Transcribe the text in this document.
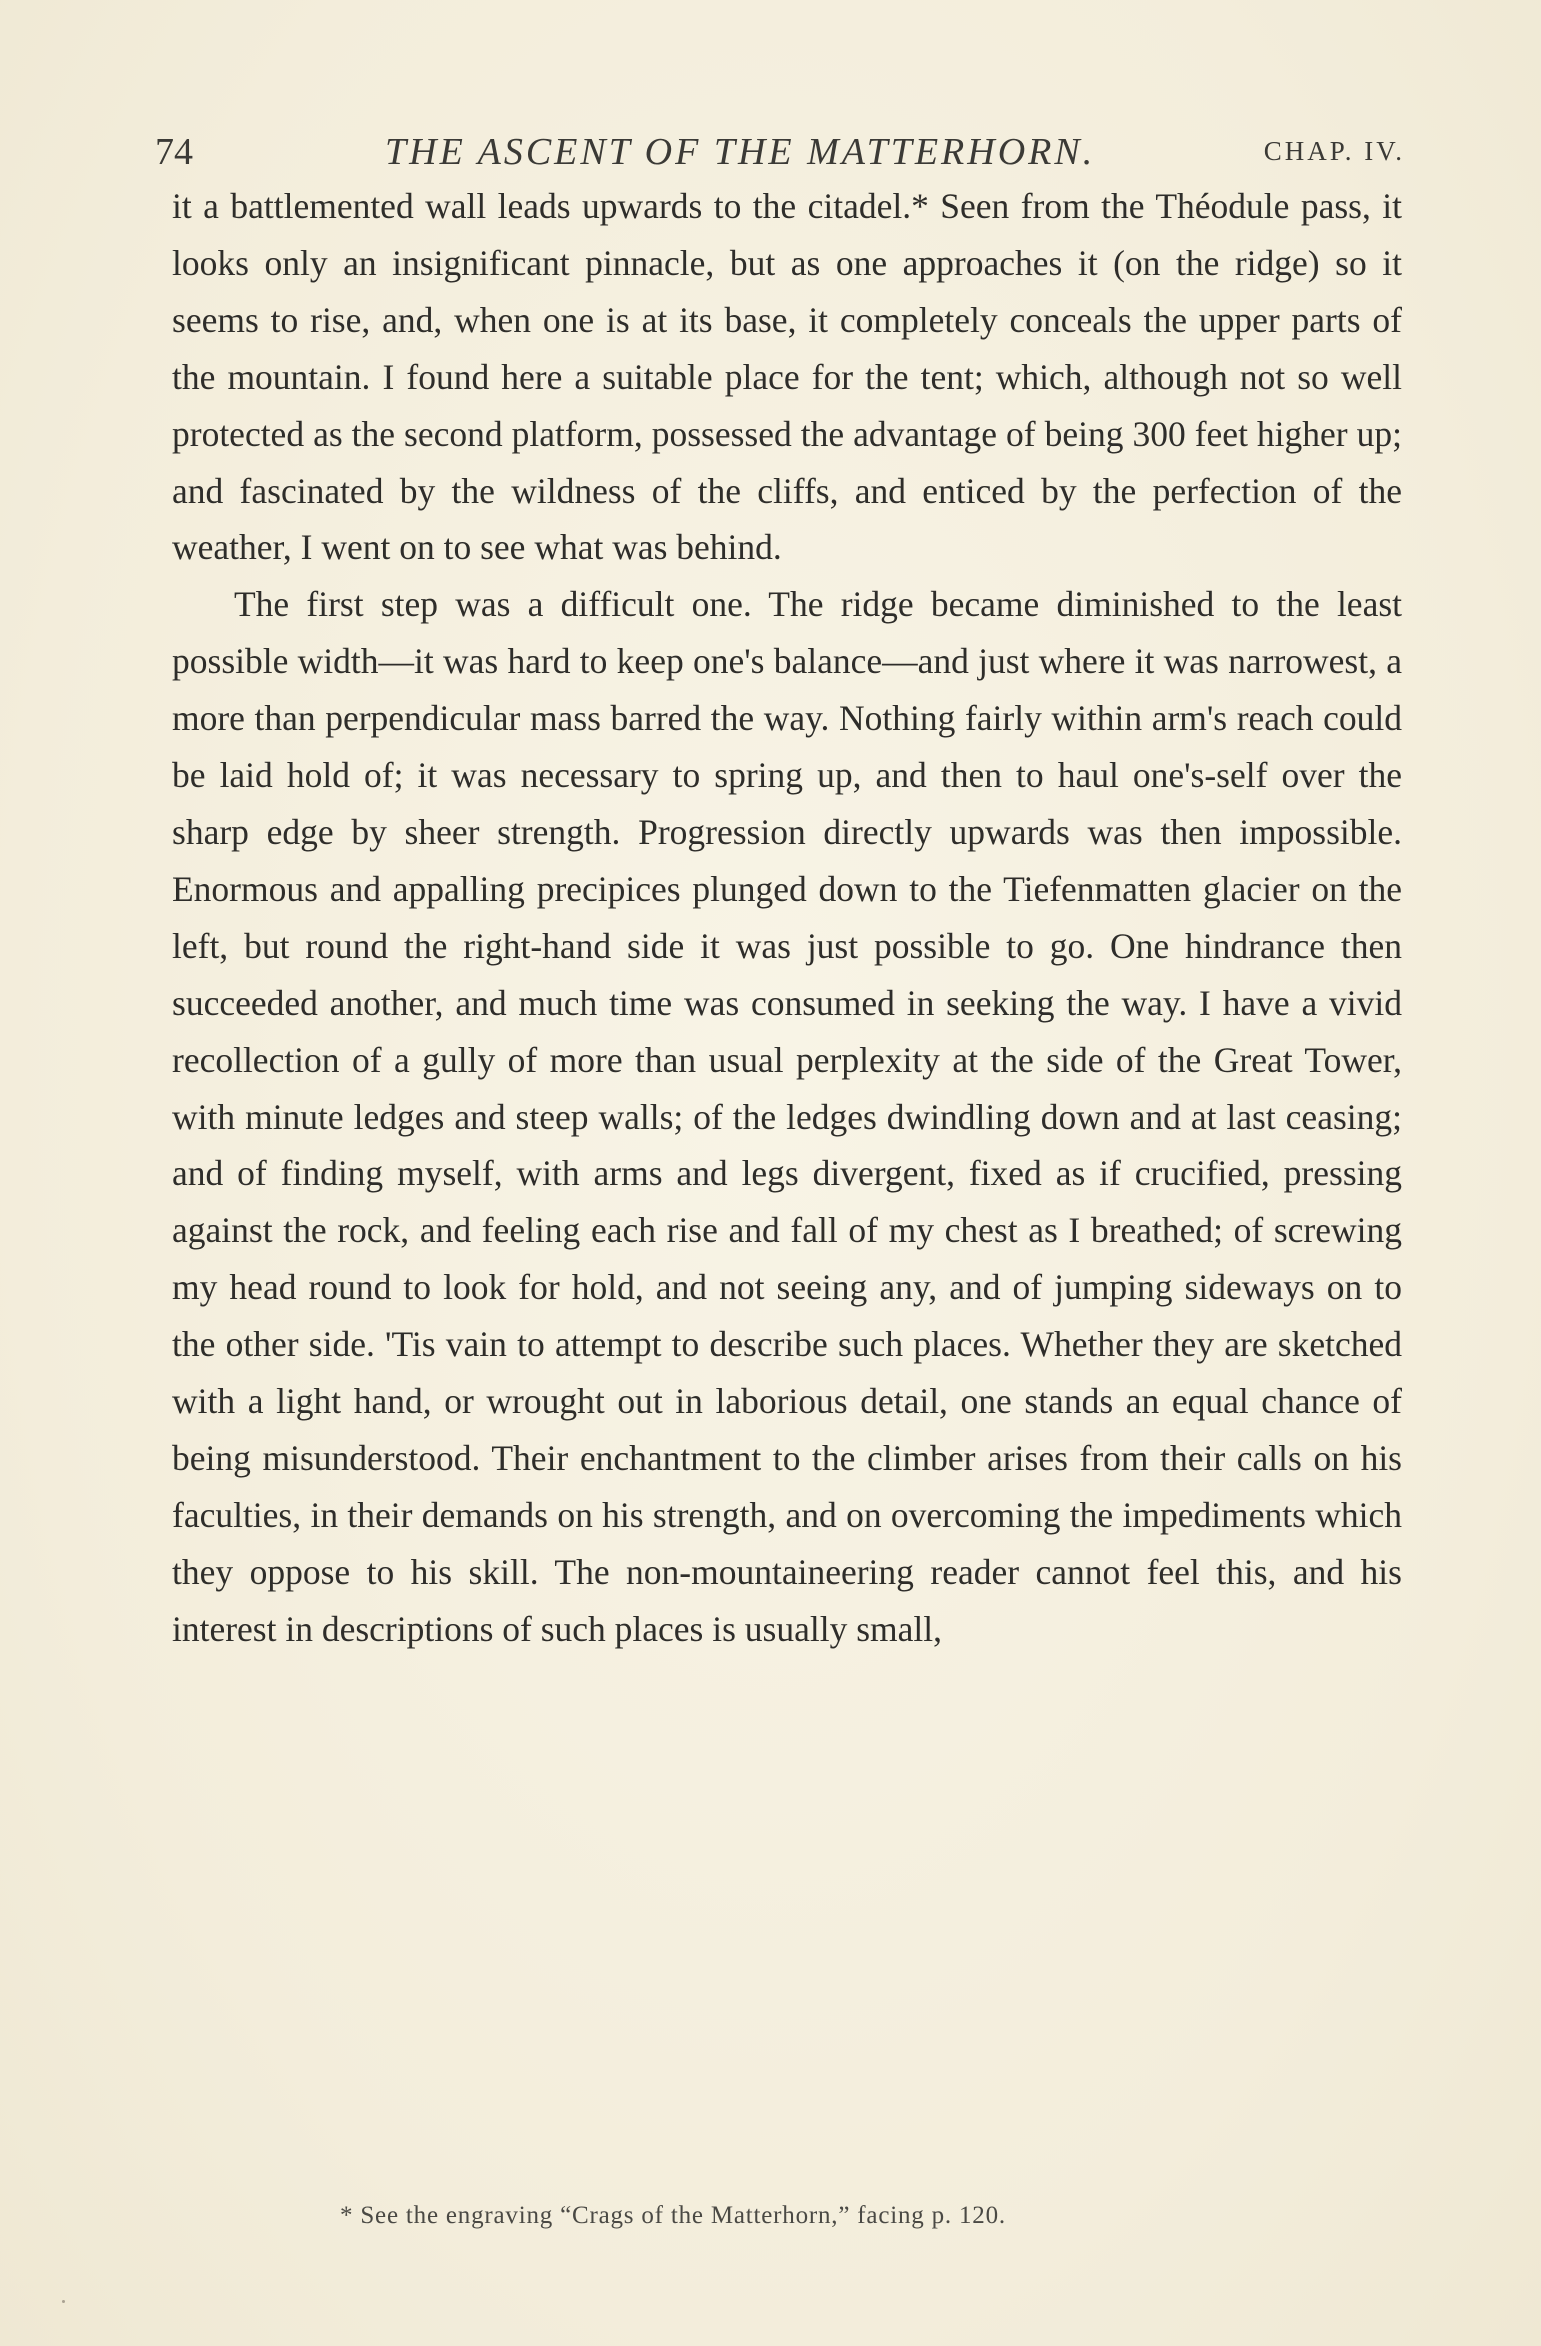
74	THE ASCENT OF THE MATTERHORN.	CHAP. IV.

it a battlemented wall leads upwards to the citadel.* Seen from the Théodule pass, it looks only an insignificant pinnacle, but as one approaches it (on the ridge) so it seems to rise, and, when one is at its base, it completely conceals the upper parts of the mountain. I found here a suitable place for the tent; which, although not so well protected as the second platform, possessed the advantage of being 300 feet higher up; and fascinated by the wildness of the cliffs, and enticed by the perfection of the weather, I went on to see what was behind.

The first step was a difficult one. The ridge became diminished to the least possible width—it was hard to keep one's balance—and just where it was narrowest, a more than perpendicular mass barred the way. Nothing fairly within arm's reach could be laid hold of; it was necessary to spring up, and then to haul one's-self over the sharp edge by sheer strength. Progression directly upwards was then impossible. Enormous and appalling precipices plunged down to the Tiefenmatten glacier on the left, but round the right-hand side it was just possible to go. One hindrance then succeeded another, and much time was consumed in seeking the way. I have a vivid recollection of a gully of more than usual perplexity at the side of the Great Tower, with minute ledges and steep walls; of the ledges dwindling down and at last ceasing; and of finding myself, with arms and legs divergent, fixed as if crucified, pressing against the rock, and feeling each rise and fall of my chest as I breathed; of screwing my head round to look for hold, and not seeing any, and of jumping sideways on to the other side. 'Tis vain to attempt to describe such places. Whether they are sketched with a light hand, or wrought out in laborious detail, one stands an equal chance of being misunderstood. Their enchantment to the climber arises from their calls on his faculties, in their demands on his strength, and on overcoming the impediments which they oppose to his skill. The non-mountaineering reader cannot feel this, and his interest in descriptions of such places is usually small,

* See the engraving “Crags of the Matterhorn,” facing p. 120.
